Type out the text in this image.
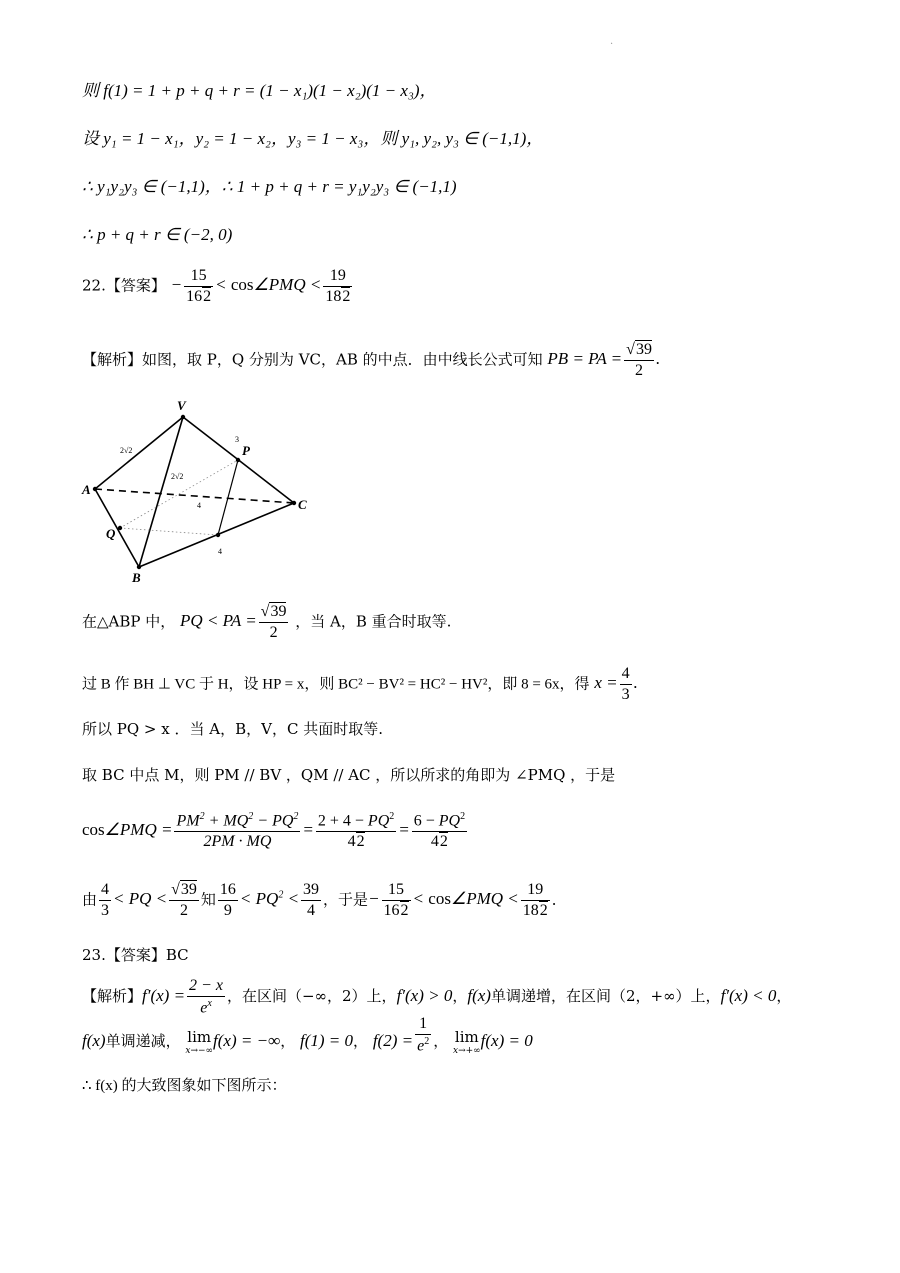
.
则 f(1) = 1 + p + q + r = (1 − x₁)(1 − x₂)(1 − x₃)，
设 y₁ = 1 − x₁，y₂ = 1 − x₂，y₃ = 1 − x₃，则 y₁, y₂, y₃ ∈ (−1,1)，
∴ y₁y₂y₃ ∈ (−1,1)，∴ 1 + p + q + r = y₁y₂y₃ ∈ (−1,1)
∴ p + q + r ∈ (−2, 0)
22.【答案】 − $\frac{15}{162}$ < cos∠PMQ < $\frac{19}{182}$
【解析】如图，取 P，Q 分别为 VC，AB 的中点．由中线长公式可知 PB = PA = $\frac{√39}{2}$ .
V
A
B
C
P
Q
2√2
2√2
4
4
3
在△ABP 中， PQ < PA = $\frac{√39}{2}$ ，当 A，B 重合时取等.
过 B 作 BH ⊥ VC 于 H，设 HP = x，则 BC² − BV² = HC² − HV²，即 8 = 6x，得 $x = \frac{4}{3}$ .
所以 PQ > x ．当 A，B，V，C 共面时取等.
取 BC 中点 M，则 PM // BV ，QM // AC ，所以所求的角即为 ∠PMQ ，于是
cos∠PMQ = $\frac{PM^2 + MQ^2 - PQ^2}{2PM \cdot MQ} = \frac{2 + 4 - PQ^2}{42} = \frac{6 - PQ^2}{42}$
由 $\frac{4}{3}$ < PQ < $\frac{√39}{2}$ 知 $\frac{16}{9} < PQ^2 < \frac{39}{4}$ ，于是− $\frac{15}{162}$ < cos∠PMQ < $\frac{19}{182}$ ．
23.【答案】BC
【解析】$f'(x) = \frac{2 - x}{e^x}$ ，在区间（−∞，2）上，f′(x) > 0，f(x)单调递增，在区间（2，+∞）上，f′(x) < 0，
f(x)单调递减， lim
x→−∞
f(x) = −∞， f(1) = 0， $f(2) = \frac{1}{e^2}$ ， lim
x→+∞
f(x) = 0
∴ f(x) 的大致图象如下图所示：
